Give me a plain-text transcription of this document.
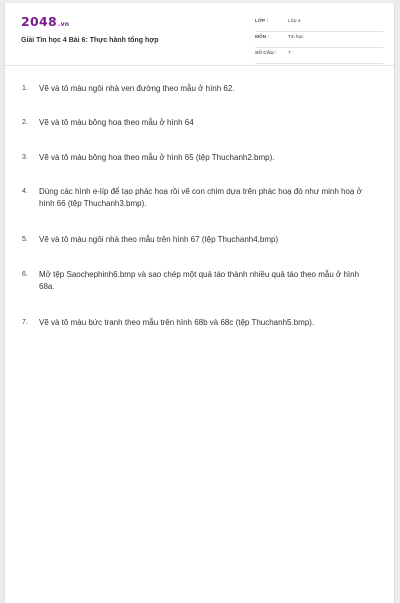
2048.vn
Giải Tin học 4 Bài 6: Thực hành tổng hợp
LỚP :	Lớp 4
MÔN :	Tin học
SỐ CÂU : 7
1. Vẽ và tô màu ngôi nhà ven đường theo mẫu ở hình 62.
2. Vẽ và tô màu bông hoa theo mẫu ở hình 64
3. Vẽ và tô màu bông hoa theo mẫu ở hình 65 (tệp Thuchanh2.bmp).
4. Dùng các hình e-líp để tạo phác hoạ rồi vẽ con chim dựa trên phác hoạ đó như minh hoạ ở hình 66 (tệp Thuchanh3.bmp).
5. Vẽ và tô màu ngôi nhà theo mẫu trên hình 67 (tệp Thuchanh4.bmp)
6. Mở tệp Saochephinh6.bmp và sao chép một quả táo thành nhiều quả táo theo mẫu ở hình 68a.
7. Vẽ và tô màu bức tranh theo mẫu trên hình 68b và 68c (tệp Thuchanh5.bmp).
